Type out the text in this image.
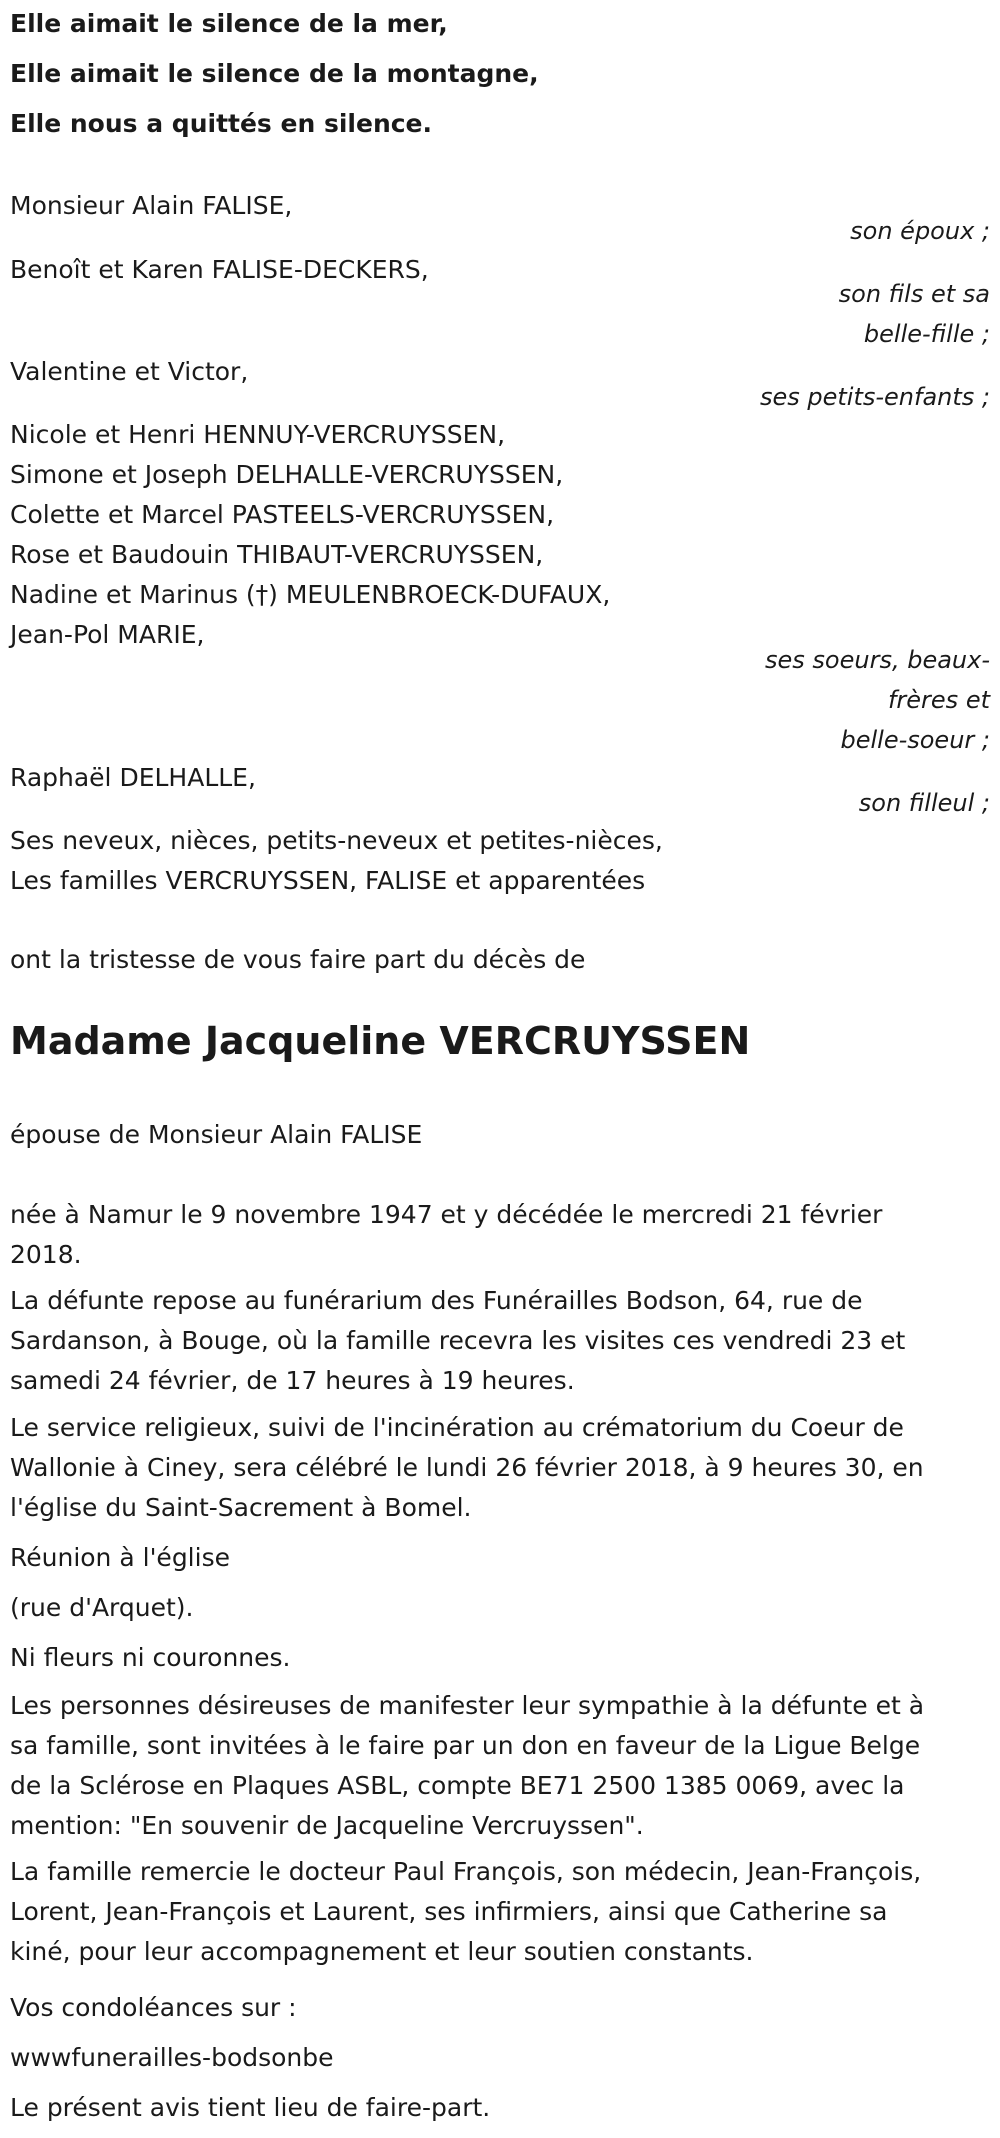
Elle aimait le silence de la mer,
Elle aimait le silence de la montagne,
Elle nous a quittés en silence.
Monsieur Alain FALISE,
son époux ;
Benoît et Karen FALISE-DECKERS,
son fils et sa
belle-fille ;
Valentine et Victor,
ses petits-enfants ;
Nicole et Henri HENNUY-VERCRUYSSEN,
Simone et Joseph DELHALLE-VERCRUYSSEN,
Colette et Marcel PASTEELS-VERCRUYSSEN,
Rose et Baudouin THIBAUT-VERCRUYSSEN,
Nadine et Marinus (†) MEULENBROECK-DUFAUX,
Jean-Pol MARIE,
ses soeurs, beaux-
frères et
belle-soeur ;
Raphaël DELHALLE,
son filleul ;
Ses neveux, nièces, petits-neveux et petites-nièces,
Les familles VERCRUYSSEN, FALISE et apparentées
ont la tristesse de vous faire part du décès de
Madame Jacqueline VERCRUYSSEN
épouse de Monsieur Alain FALISE
née à Namur le 9 novembre 1947 et y décédée le mercredi 21 février
2018.
La défunte repose au funérarium des Funérailles Bodson, 64, rue de
Sardanson, à Bouge, où la famille recevra les visites ces vendredi 23 et
samedi 24 février, de 17 heures à 19 heures.
Le service religieux, suivi de l'incinération au crématorium du Coeur de
Wallonie à Ciney, sera célébré le lundi 26 février 2018, à 9 heures 30, en
l'église du Saint-Sacrement à Bomel.
Réunion à l'église
(rue d'Arquet).
Ni fleurs ni couronnes.
Les personnes désireuses de manifester leur sympathie à la défunte et à
sa famille, sont invitées à le faire par un don en faveur de la Ligue Belge
de la Sclérose en Plaques ASBL, compte BE71 2500 1385 0069, avec la
mention: "En souvenir de Jacqueline Vercruyssen".
La famille remercie le docteur Paul François, son médecin, Jean-François,
Lorent, Jean-François et Laurent, ses infirmiers, ainsi que Catherine sa
kiné, pour leur accompagnement et leur soutien constants.
Vos condoléances sur :
wwwfunerailles-bodsonbe
Le présent avis tient lieu de faire-part.
